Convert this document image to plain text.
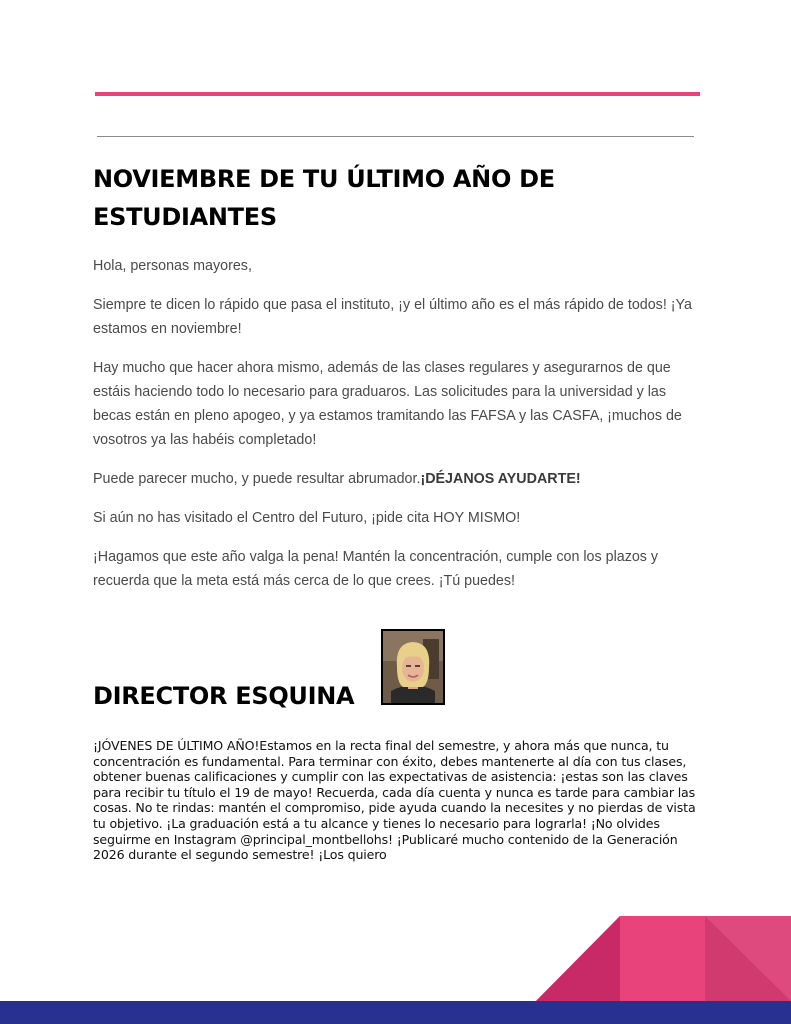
NOVIEMBRE DE TU ÚLTIMO AÑO DE ESTUDIANTES

Hola, personas mayores,

Siempre te dicen lo rápido que pasa el instituto, ¡y el último año es el más rápido de todos! ¡Ya estamos en noviembre!

Hay mucho que hacer ahora mismo, además de las clases regulares y asegurarnos de que estáis haciendo todo lo necesario para graduaros. Las solicitudes para la universidad y las becas están en pleno apogeo, y ya estamos tramitando las FAFSA y las CASFA, ¡muchos de vosotros ya las habéis completado!

Puede parecer mucho, y puede resultar abrumador.¡DÉJANOS AYUDARTE!

Si aún no has visitado el Centro del Futuro, ¡pide cita HOY MISMO!

¡Hagamos que este año valga la pena! Mantén la concentración, cumple con los plazos y recuerda que la meta está más cerca de lo que crees. ¡Tú puedes!

DIRECTOR ESQUINA
¡JÓVENES DE ÚLTIMO AÑO!Estamos en la recta final del semestre, y ahora más que nunca, tu concentración es fundamental. Para terminar con éxito, debes mantenerte al día con tus clases, obtener buenas calificaciones y cumplir con las expectativas de asistencia: ¡estas son las claves para recibir tu título el 19 de mayo! Recuerda, cada día cuenta y nunca es tarde para cambiar las cosas. No te rindas: mantén el compromiso, pide ayuda cuando la necesites y no pierdas de vista tu objetivo. ¡La graduación está a tu alcance y tienes lo necesario para lograrla! ¡No olvides seguirme en Instagram @principal_montbellohs! ¡Publicaré mucho contenido de la Generación 2026 durante el segundo semestre! ¡Los quiero
